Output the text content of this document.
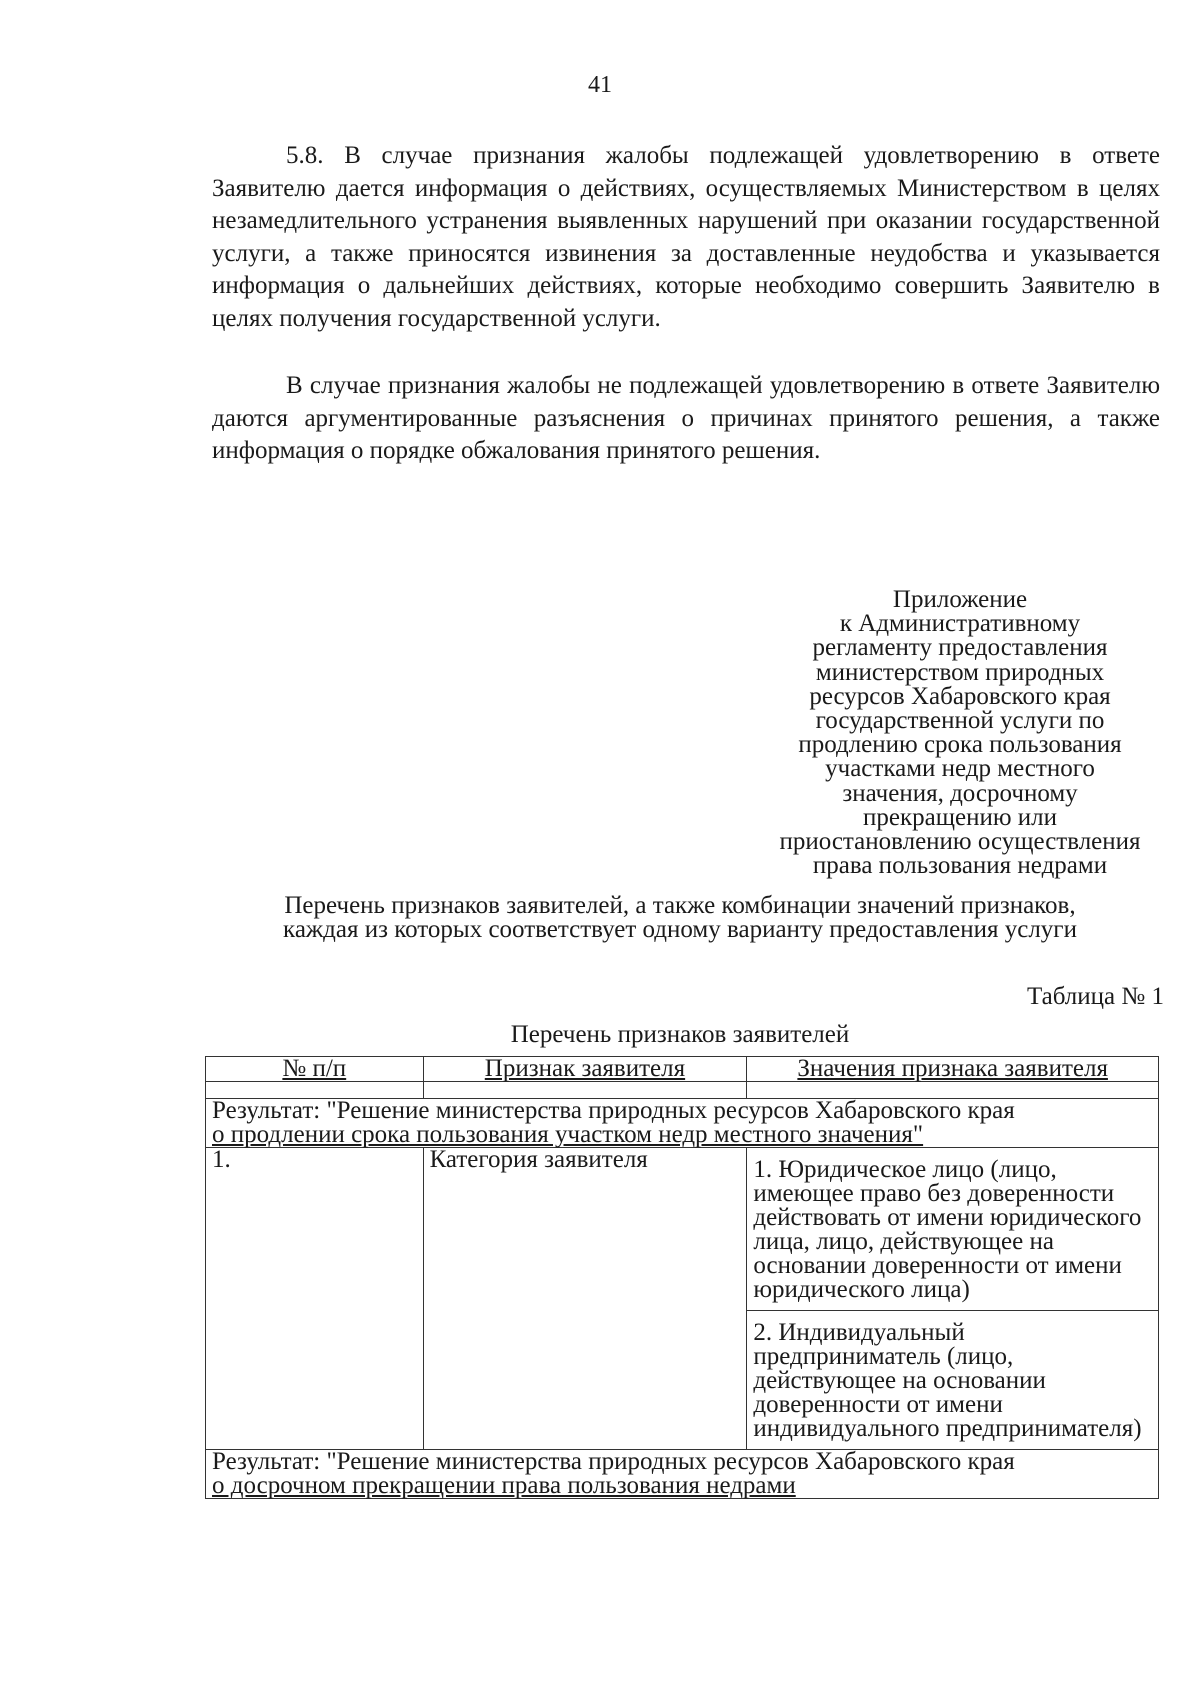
41

5.8. В случае признания жалобы подлежащей удовлетворению в ответе Заявителю дается информация о действиях, осуществляемых Министерством в целях незамедлительного устранения выявленных нарушений при оказании государственной услуги, а также приносятся извинения за доставленные неудобства и указывается информация о дальнейших действиях, которые необходимо совершить Заявителю в целях получения государственной услуги.

В случае признания жалобы не подлежащей удовлетворению в ответе Заявителю даются аргументированные разъяснения о причинах принятого решения, а также информация о порядке обжалования принятого решения.

Приложение
к Административному
регламенту предоставления
министерством природных
ресурсов Хабаровского края
государственной услуги по
продлению срока пользования
участками недр местного
значения, досрочному
прекращению или
приостановлению осуществления
права пользования недрами
Перечень признаков заявителей, а также комбинации значений признаков,
каждая из которых соответствует одному варианту предоставления услуги
Таблица № 1
Перечень признаков заявителей
№ п/п	Признак заявителя	Значения признака заявителя

Результат: "Решение министерства природных ресурсов Хабаровского края
о продлении срока пользования участком недр местного значения"		

1.	Категория заявителя	1. Юридическое лицо (лицо, имеющее право без доверенности действовать от имени юридического лица, лицо, действующее на основании доверенности от имени юридического лица)
		2. Индивидуальный предприниматель (лицо, действующее на основании доверенности от имени индивидуального предпринимателя)

Результат: "Решение министерства природных ресурсов Хабаровского края
о досрочном прекращении права пользования недрами		
